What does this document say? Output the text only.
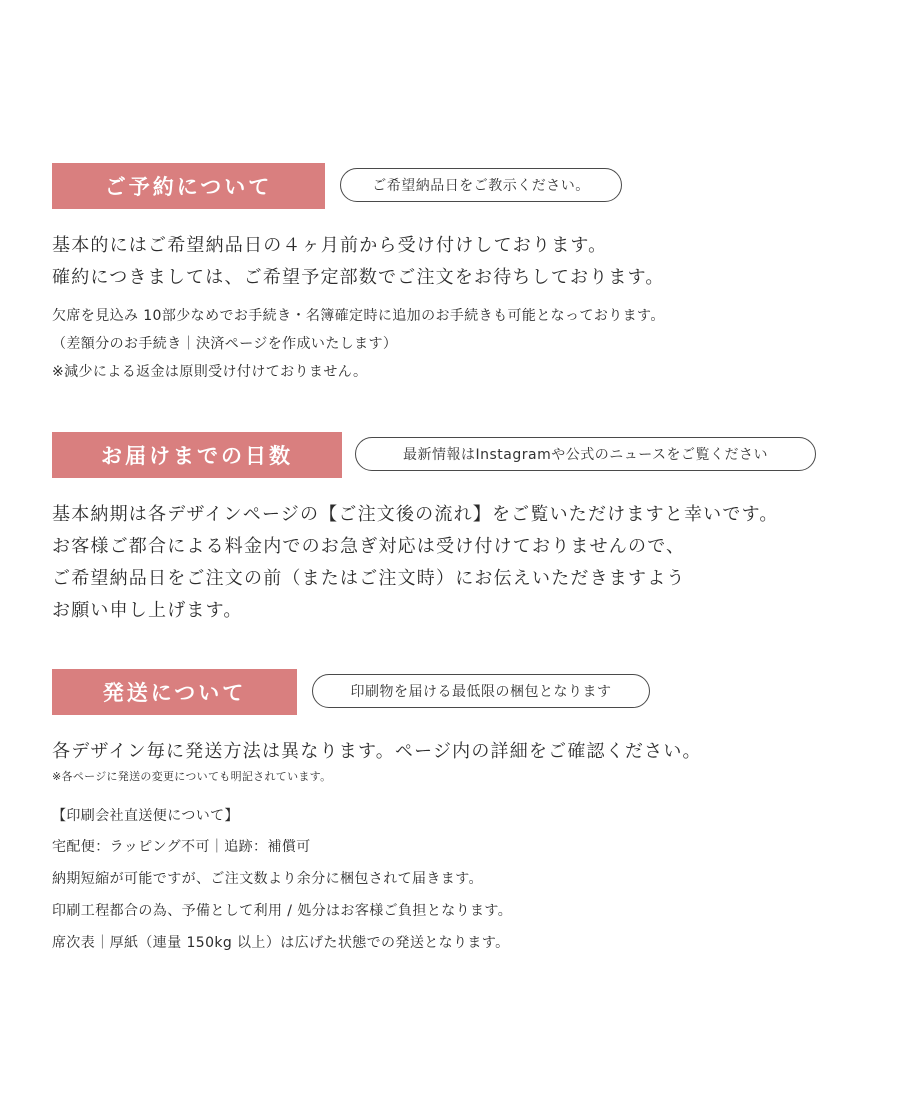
ご予約について	ご希望納品日をご教示ください。
基本的にはご希望納品日の４ヶ月前から受け付けしております。
確約につきましては、ご希望予定部数でご注文をお待ちしております。
欠席を見込み 10部少なめでお手続き・名簿確定時に追加のお手続きも可能となっております。
（差額分のお手続き｜決済ページを作成いたします）
※減少による返金は原則受け付けておりません。
お届けまでの日数	最新情報はInstagramや公式のニュースをご覧ください
基本納期は各デザインページの【ご注文後の流れ】をご覧いただけますと幸いです。
お客様ご都合による料金内でのお急ぎ対応は受け付けておりませんので、
ご希望納品日をご注文の前（またはご注文時）にお伝えいただきますよう
お願い申し上げます。
発送について	印刷物を届ける最低限の梱包となります
各デザイン毎に発送方法は異なります。ページ内の詳細をご確認ください。
※各ページに発送の変更についても明記されています。
【印刷会社直送便について】
宅配便：ラッピング不可｜追跡：補償可
納期短縮が可能ですが、ご注文数より余分に梱包されて届きます。
印刷工程都合の為、予備として利用 / 処分はお客様ご負担となります。
席次表｜厚紙（連量 150kg 以上）は広げた状態での発送となります。
